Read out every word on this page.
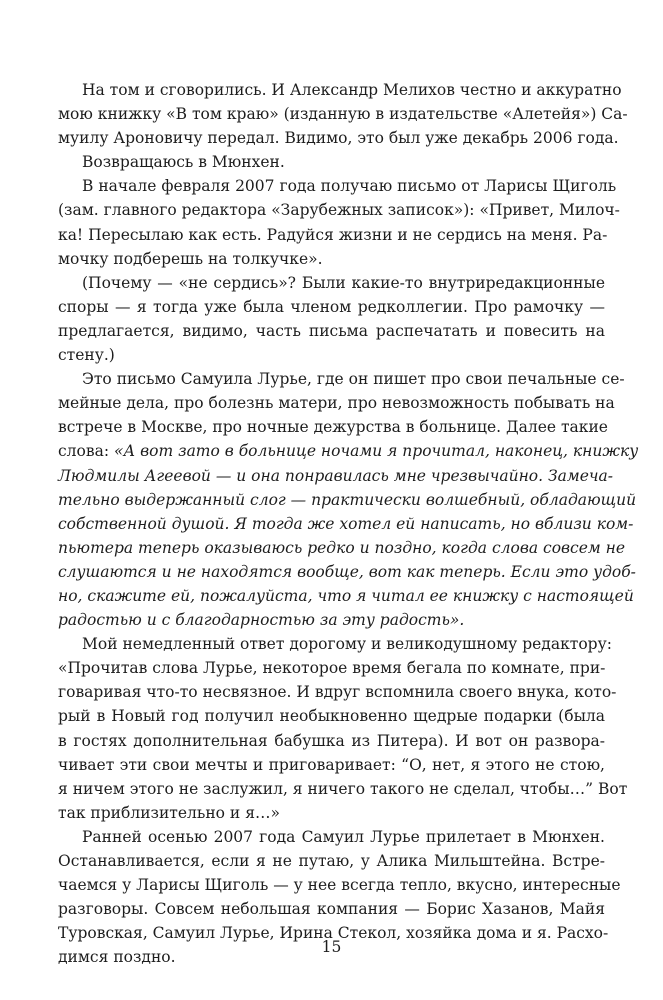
На том и сговорились. И Александр Мелихов честно и аккуратно
мою книжку «В том краю» (изданную в издательстве «Алетейя») Са-
муилу Ароновичу передал. Видимо, это был уже декабрь 2006 года.

Возвращаюсь в Мюнхен.

В начале февраля 2007 года получаю письмо от Ларисы Щиголь
(зам. главного редактора «Зарубежных записок»): «Привет, Милоч-
ка! Пересылаю как есть. Радуйся жизни и не сердись на меня. Ра-
мочку подберешь на толкучке».

(Почему — «не сердись»? Были какие-то внутриредакционные
споры — я тогда уже была членом редколлегии. Про рамочку —
предлагается, видимо, часть письма распечатать и повесить на
стену.)

Это письмо Самуила Лурье, где он пишет про свои печальные се-
мейные дела, про болезнь матери, про невозможность побывать на
встрече в Москве, про ночные дежурства в больнице. Далее такие
слова: «А вот зато в больнице ночами я прочитал, наконец, книжку
Людмилы Агеевой — и она понравилась мне чрезвычайно. Замеча-
тельно выдержанный слог — практически волшебный, обладающий
собственной душой. Я тогда же хотел ей написать, но вблизи ком-
пьютера теперь оказываюсь редко и поздно, когда слова совсем не
слушаются и не находятся вообще, вот как теперь. Если это удоб-
но, скажите ей, пожалуйста, что я читал ее книжку с настоящей
радостью и с благодарностью за эту радость».

Мой немедленный ответ дорогому и великодушному редактору:
«Прочитав слова Лурье, некоторое время бегала по комнате, при-
говаривая что-то несвязное. И вдруг вспомнила своего внука, кото-
рый в Новый год получил необыкновенно щедрые подарки (была
в гостях дополнительная бабушка из Питера). И вот он развора-
чивает эти свои мечты и приговаривает: “О, нет, я этого не стою,
я ничем этого не заслужил, я ничего такого не сделал, чтобы…” Вот
так приблизительно и я…»

Ранней осенью 2007 года Самуил Лурье прилетает в Мюнхен.
Останавливается, если я не путаю, у Алика Мильштейна. Встре-
чаемся у Ларисы Щиголь — у нее всегда тепло, вкусно, интересные
разговоры. Совсем небольшая компания — Борис Хазанов, Майя
Туровская, Самуил Лурье, Ирина Стекол, хозяйка дома и я. Расхо-
димся поздно.

15
